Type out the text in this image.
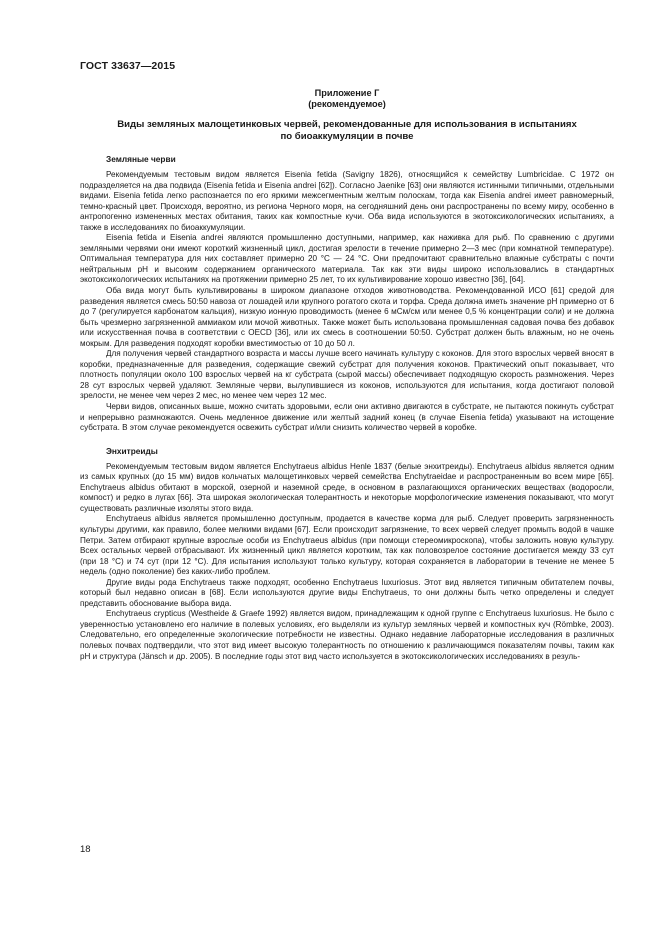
ГОСТ 33637—2015
Приложение Г
(рекомендуемое)
Виды земляных малощетинковых червей, рекомендованные для использования в испытаниях
по биоаккумуляции в почве
Земляные черви

Рекомендуемым тестовым видом является Eisenia fetida (Savigny 1826), относящийся к семейству Lumbricidae. С 1972 он подразделяется на два подвида (Eisenia fetida и Eisenia andrei [62]). Согласно Jaenike [63] они являются истинными типичными, отдельными видами. Eisenia fetida легко распознается по его яркими межсегментным желтым полоскам, тогда как Eisenia andrei имеет равномерный, темно-красный цвет. Происходя, вероятно, из региона Черного моря, на сегодняшний день они распространены по всему миру, особенно в антропогенно измененных местах обитания, таких как компостные кучи. Оба вида используются в экотоксикологических испытаниях, а также в исследованиях по биоаккумуляции.

Eisenia fetida и Eisenia andrei являются промышленно доступными, например, как наживка для рыб. По сравнению с другими земляными червями они имеют короткий жизненный цикл, достигая зрелости в течение примерно 2—3 мес (при комнатной температуре). Оптимальная температура для них составляет примерно 20 °С — 24 °С. Они предпочитают сравнительно влажные субстраты с почти нейтральным рН и высоким содержанием органического материала. Так как эти виды широко использовались в стандартных экотоксикологических испытаниях на протяжении примерно 25 лет, то их культивирование хорошо известно [36], [64].

Оба вида могут быть культивированы в широком диапазоне отходов животноводства. Рекомендованной ИСО [61] средой для разведения является смесь 50:50 навоза от лошадей или крупного рогатого скота и торфа. Среда должна иметь значение рН примерно от 6 до 7 (регулируется карбонатом кальция), низкую ионную проводимость (менее 6 мСм/см или менее 0,5 % концентрации соли) и не должна быть чрезмерно загрязненной аммиаком или мочой животных. Также может быть использована промышленная садовая почва без добавок или искусственная почва в соответствии с OECD [36], или их смесь в соотношении 50:50. Субстрат должен быть влажным, но не очень мокрым. Для разведения подходят коробки вместимостью от 10 до 50 л.

Для получения червей стандартного возраста и массы лучше всего начинать культуру с коконов. Для этого взрослых червей вносят в коробки, предназначенные для разведения, содержащие свежий субстрат для получения коконов. Практический опыт показывает, что плотность популяции около 100 взрослых червей на кг субстрата (сырой массы) обеспечивает подходящую скорость размножения. Через 28 сут взрослых червей удаляют. Земляные черви, вылупившиеся из коконов, используются для испытания, когда достигают половой зрелости, не менее чем через 2 мес, но менее чем через 12 мес.

Черви видов, описанных выше, можно считать здоровыми, если они активно двигаются в субстрате, не пытаются покинуть субстрат и непрерывно размножаются. Очень медленное движение или желтый задний конец (в случае Eisenia fetida) указывают на истощение субстрата. В этом случае рекомендуется освежить субстрат и/или снизить количество червей в коробке.

Энхитреиды

Рекомендуемым тестовым видом является Enchytraeus albidus Henle 1837 (белые энхитреиды). Enchytraeus albidus является одним из самых крупных (до 15 мм) видов кольчатых малощетинковых червей семейства Enchytraeidae и распространенным во всем мире [65]. Enchytraeus albidus обитают в морской, озерной и наземной среде, в основном в разлагающихся органических веществах (водоросли, компост) и редко в лугах [66]. Эта широкая экологическая толерантность и некоторые морфологические изменения показывают, что могут существовать различные изоляты этого вида.

Enchytraeus albidus является промышленно доступным, продается в качестве корма для рыб. Следует проверить загрязненность культуры другими, как правило, более мелкими видами [67]. Если происходит загрязнение, то всех червей следует промыть водой в чашке Петри. Затем отбирают крупные взрослые особи из Enchytraeus albidus (при помощи стереомикроскопа), чтобы заложить новую культуру. Всех остальных червей отбрасывают. Их жизненный цикл является коротким, так как половозрелое состояние достигается между 33 сут (при 18 °С) и 74 сут (при 12 °С). Для испытания используют только культуру, которая сохраняется в лаборатории в течение не менее 5 недель (одно поколение) без каких-либо проблем.

Другие виды рода Enchytraeus также подходят, особенно Enchytraeus luxuriosus. Этот вид является типичным обитателем почвы, который был недавно описан в [68]. Если используются другие виды Enchytraeus, то они должны быть четко определены и следует представить обоснование выбора вида.

Enchytraeus crypticus (Westheide & Graefe 1992) является видом, принадлежащим к одной группе с Enchytraeus luxuriosus. Не было с уверенностью установлено его наличие в полевых условиях, его выделяли из культур земляных червей и компостных куч (Römbke, 2003). Следовательно, его определенные экологические потребности не известны. Однако недавние лабораторные исследования в различных полевых почвах подтвердили, что этот вид имеет высокую толерантность по отношению к различающимся показателям почвы, таким как рН и структура (Jänsch и др. 2005). В последние годы этот вид часто используется в экотоксикологических исследованиях в резуль-

18
